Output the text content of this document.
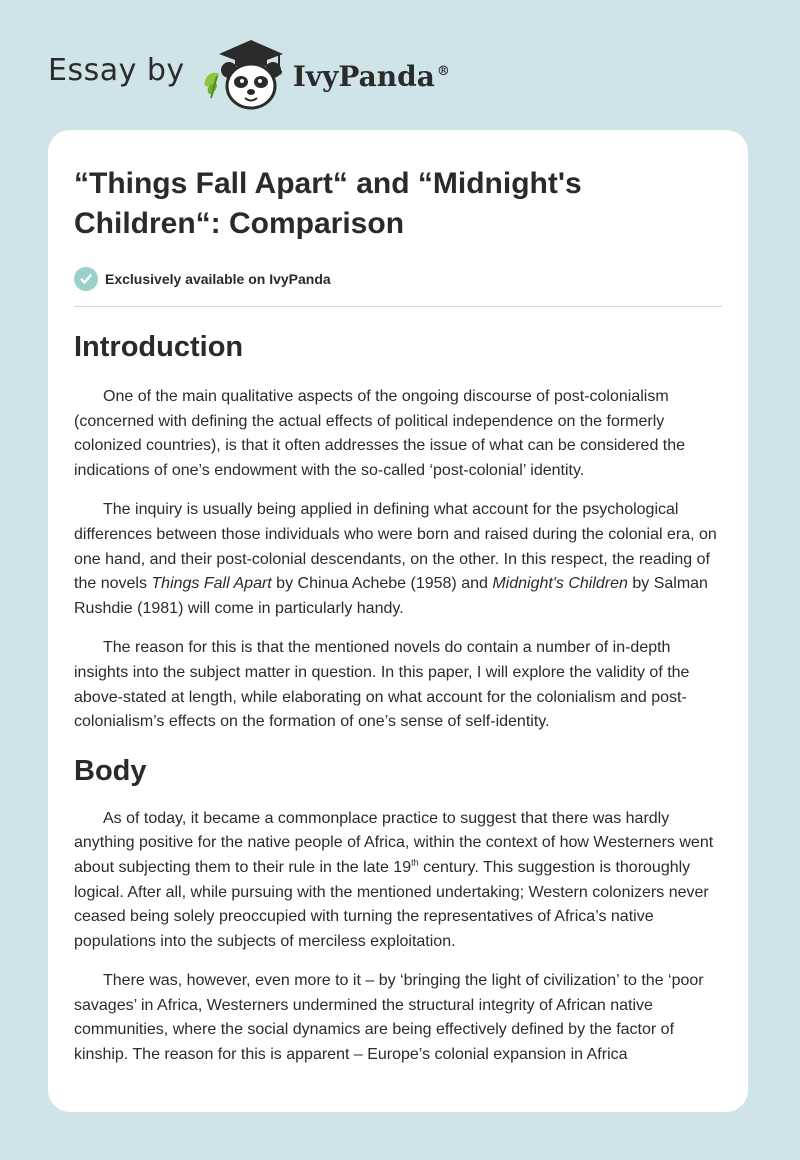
Essay by	IvyPanda ®
“Things Fall Apart“ and “Midnight's Children“: Comparison
Exclusively available on IvyPanda
Introduction

One of the main qualitative aspects of the ongoing discourse of post-colonialism (concerned with defining the actual effects of political independence on the formerly colonized countries), is that it often addresses the issue of what can be considered the indications of one’s endowment with the so-called ‘post-colonial’ identity.

The inquiry is usually being applied in defining what account for the psychological differences between those individuals who were born and raised during the colonial era, on one hand, and their post-colonial descendants, on the other. In this respect, the reading of the novels Things Fall Apart by Chinua Achebe (1958) and Midnight's Children by Salman Rushdie (1981) will come in particularly handy.

The reason for this is that the mentioned novels do contain a number of in-depth insights into the subject matter in question. In this paper, I will explore the validity of the above-stated at length, while elaborating on what account for the colonialism and post-colonialism’s effects on the formation of one’s sense of self-identity.

Body

As of today, it became a commonplace practice to suggest that there was hardly anything positive for the native people of Africa, within the context of how Westerners went about subjecting them to their rule in the late 19th century. This suggestion is thoroughly logical. After all, while pursuing with the mentioned undertaking; Western colonizers never ceased being solely preoccupied with turning the representatives of Africa’s native populations into the subjects of merciless exploitation.

There was, however, even more to it – by ‘bringing the light of civilization’ to the ‘poor savages’ in Africa, Westerners undermined the structural integrity of African native communities, where the social dynamics are being effectively defined by the factor of kinship. The reason for this is apparent – Europe’s colonial expansion in Africa
